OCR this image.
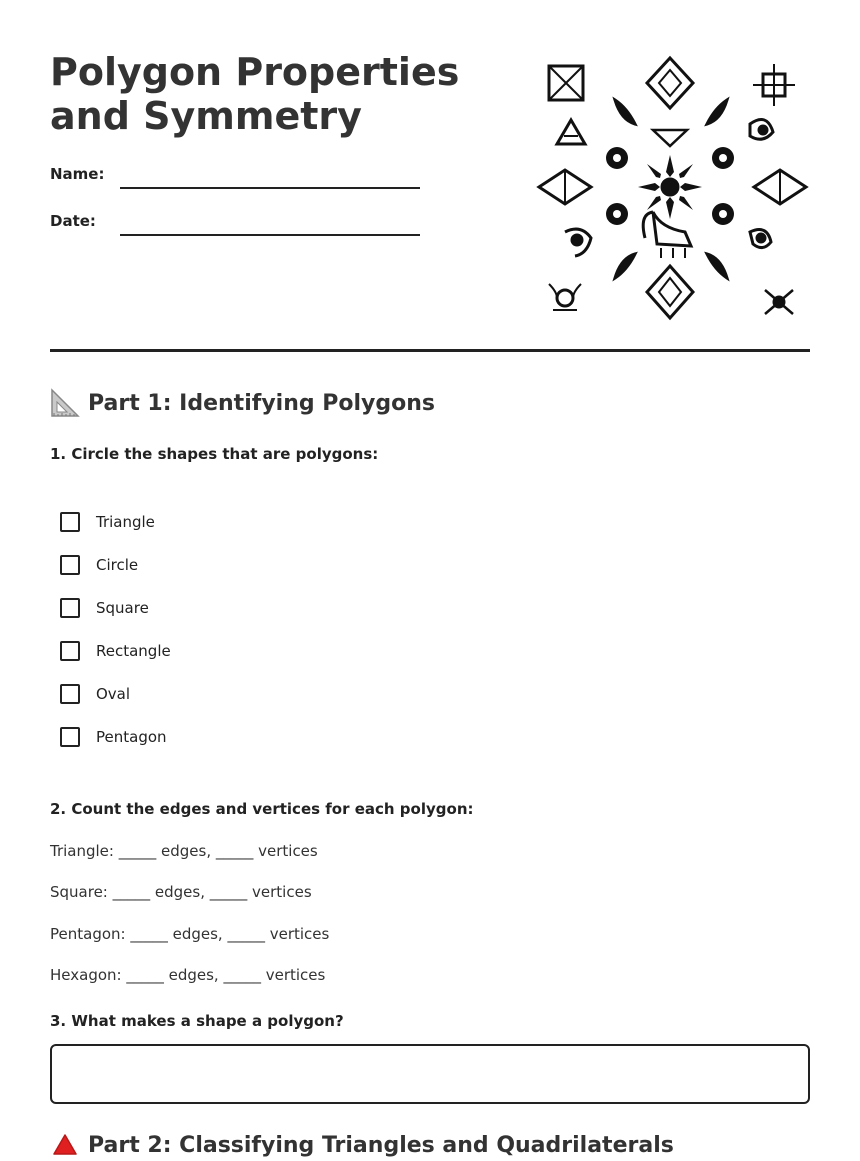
Polygon Properties and Symmetry
Name:
Date:
Part 1: Identifying Polygons
1. Circle the shapes that are polygons:
Triangle
Circle
Square
Rectangle
Oval
Pentagon
2. Count the edges and vertices for each polygon:
Triangle: _____ edges, _____ vertices
Square: _____ edges, _____ vertices
Pentagon: _____ edges, _____ vertices
Hexagon: _____ edges, _____ vertices
3. What makes a shape a polygon?
Part 2: Classifying Triangles and Quadrilaterals
